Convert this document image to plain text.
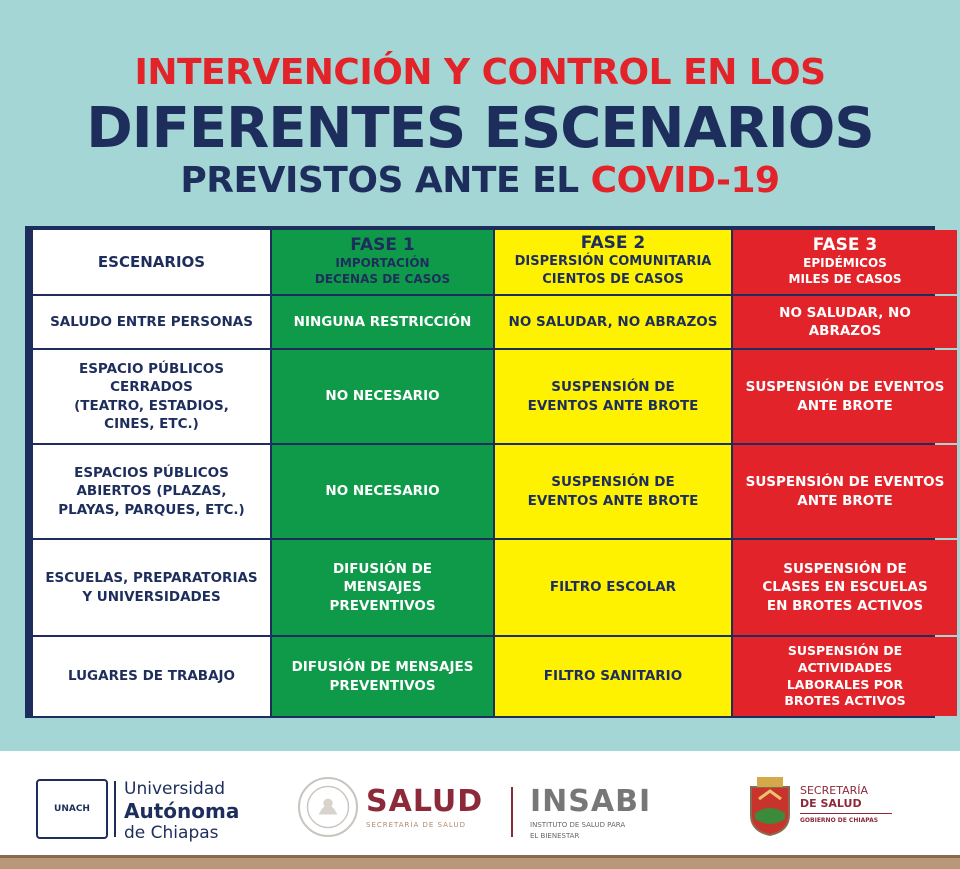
INTERVENCIÓN Y CONTROL EN LOS
DIFERENTES ESCENARIOS
PREVISTOS ANTE EL COVID-19
ESCENARIOS
FASE 1
IMPORTACIÓN
DECENAS DE CASOS
FASE 2
DISPERSIÓN COMUNITARIA
CIENTOS DE CASOS
FASE 3
EPIDÉMICOS
MILES DE CASOS
SALUDO ENTRE PERSONAS	NINGUNA RESTRICCIÓN	NO SALUDAR, NO ABRAZOS
NO SALUDAR, NO ABRAZOS
ESPACIO PÚBLICOS
CERRADOS
(TEATRO, ESTADIOS,
CINES, ETC.)
NO NECESARIO
SUSPENSIÓN DE
EVENTOS ANTE BROTE
SUSPENSIÓN DE EVENTOS
ANTE BROTE
ESPACIOS PÚBLICOS
ABIERTOS (PLAZAS,
PLAYAS, PARQUES, ETC.)
NO NECESARIO
SUSPENSIÓN DE
EVENTOS ANTE BROTE
SUSPENSIÓN DE EVENTOS
ANTE BROTE
ESCUELAS, PREPARATORIAS
Y UNIVERSIDADES
DIFUSIÓN DE
MENSAJES
PREVENTIVOS
FILTRO ESCOLAR
SUSPENSIÓN DE
CLASES EN ESCUELAS
EN BROTES ACTIVOS
LUGARES DE TRABAJO
DIFUSIÓN DE MENSAJES
PREVENTIVOS
FILTRO SANITARIO
SUSPENSIÓN DE ACTIVIDADES
LABORALES POR
BROTES ACTIVOS
UNACH
Universidad
Autónoma
de Chiapas
SALUD
SECRETARÍA DE SALUD
INSABI
INSTITUTO DE SALUD PARA
EL BIENESTAR
SECRETARÍA
DE SALUD
GOBIERNO DE CHIAPAS
